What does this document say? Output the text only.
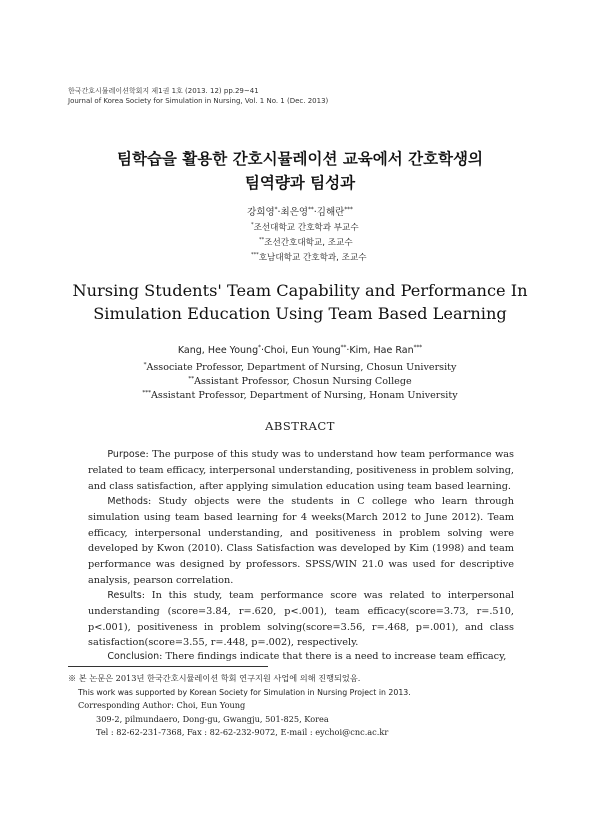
한국간호시뮬레이션학회지 제1권 1호 (2013. 12) pp.29~41
Journal of Korea Society for Simulation in Nursing, Vol. 1 No. 1 (Dec. 2013)
팀학습을 활용한 간호시뮬레이션 교육에서 간호학생의
팀역량과 팀성과
강희영*·최은영**·김해란***
*조선대학교 간호학과 부교수
**조선간호대학교, 조교수
***호남대학교 간호학과, 조교수
Nursing Students' Team Capability and Performance In
Simulation Education Using Team Based Learning
Kang, Hee Young*·Choi, Eun Young**·Kim, Hae Ran***
*Associate Professor, Department of Nursing, Chosun University
**Assistant Professor, Chosun Nursing College
***Assistant Professor, Department of Nursing, Honam University
ABSTRACT
  Purpose: The purpose of this study was to understand how team performance was related to team efficacy, interpersonal understanding, positiveness in problem solving, and class satisfaction, after applying simulation education using team based learning.
  Methods: Study objects were the students in C college who learn through simulation using team based learning for 4 weeks(March 2012 to June 2012). Team efficacy, interpersonal understanding, and positiveness in problem solving were developed by Kwon (2010). Class Satisfaction was developed by Kim (1998) and team performance was designed by professors. SPSS/WIN 21.0 was used for descriptive analysis, pearson correlation.
  Results: In this study, team performance score was related to interpersonal understanding (score=3.84, r=.620, p<.001), team efficacy(score=3.73, r=.510, p<.001), positiveness in problem solving(score=3.56, r=.468, p=.001), and class satisfaction(score=3.55, r=.448, p=.002), respectively.
  Conclusion: There findings indicate that there is a need to increase team efficacy,
※ 본 논문은 2013년 한국간호시뮬레이션 학회 연구지원 사업에 의해 진행되었음.
This work was supported by Korean Society for Simulation in Nursing Project in 2013.
Corresponding Author: Choi, Eun Young
309-2, pilmundaero, Dong-gu, Gwangju, 501-825, Korea
Tel : 82-62-231-7368, Fax : 82-62-232-9072, E-mail : eychoi@cnc.ac.kr
